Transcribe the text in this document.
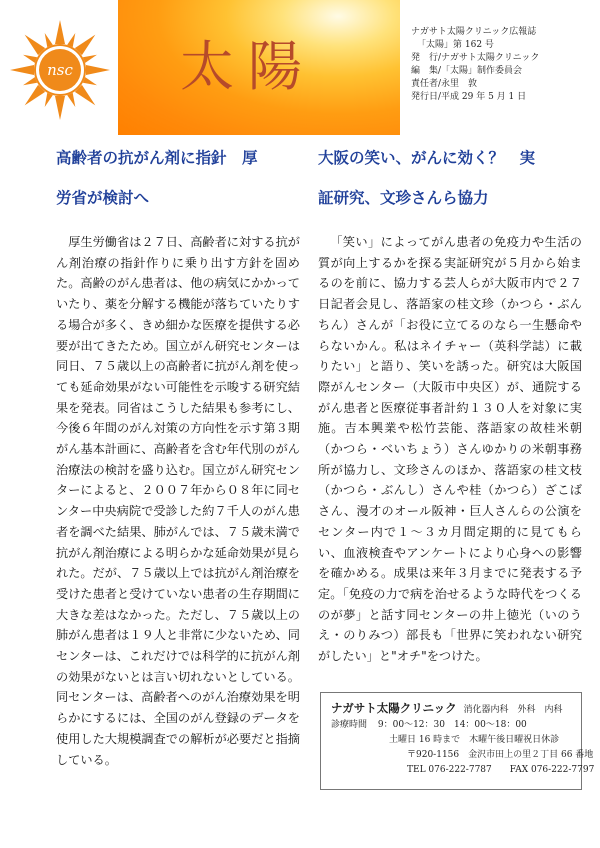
nsc 太陽
ナガサト太陽クリニック広報誌
「太陽」第 162 号
発　行/ナガサト太陽クリニック
編　集/「太陽」制作委員会
責任者/永里　敦
発行日/平成 29 年 5 月 1 日
高齢者の抗がん剤に指針　厚
労省が検討へ

厚生労働省は２７日、高齢者に対する抗がん剤治療の指針作りに乗り出す方針を固めた。高齢のがん患者は、他の病気にかかっていたり、薬を分解する機能が落ちていたりする場合が多く、きめ細かな医療を提供する必要が出てきたため。国立がん研究センターは同日、７５歳以上の高齢者に抗がん剤を使っても延命効果がない可能性を示唆する研究結果を発表。同省はこうした結果も参考にし、今後６年間のがん対策の方向性を示す第３期がん基本計画に、高齢者を含む年代別のがん治療法の検討を盛り込む。国立がん研究センターによると、２００７年から０８年に同センター中央病院で受診した約７千人のがん患者を調べた結果、肺がんでは、７５歳未満で抗がん剤治療による明らかな延命効果が見られた。だが、７５歳以上では抗がん剤治療を受けた患者と受けていない患者の生存期間に大きな差はなかった。ただし、７５歳以上の肺がん患者は１９人と非常に少ないため、同センターは、これだけでは科学的に抗がん剤の効果がないとは言い切れないとしている。同センターは、高齢者へのがん治療効果を明らかにするには、全国のがん登録のデータを使用した大規模調査での解析が必要だと指摘している。

大阪の笑い、がんに効く？　実
証研究、文珍さんら協力

「笑い」によってがん患者の免疫力や生活の質が向上するかを探る実証研究が５月から始まるのを前に、協力する芸人らが大阪市内で２７日記者会見し、落語家の桂文珍（かつら・ぶんちん）さんが「お役に立てるのなら一生懸命やらないかん。私はネイチャー（英科学誌）に載りたい」と語り、笑いを誘った。研究は大阪国際がんセンター（大阪市中央区）が、通院するがん患者と医療従事者計約１３０人を対象に実施。吉本興業や松竹芸能、落語家の故桂米朝（かつら・べいちょう）さんゆかりの米朝事務所が協力し、文珍さんのほか、落語家の桂文枝（かつら・ぶんし）さんや桂（かつら）ざこばさん、漫才のオール阪神・巨人さんらの公演をセンター内で１～３カ月間定期的に見てもらい、血液検査やアンケートにより心身への影響を確かめる。成果は来年３月までに発表する予定。「免疫の力で病を治せるような時代をつくるのが夢」と話す同センターの井上徳光（いのうえ・のりみつ）部長も「世界に笑われない研究がしたい」と"オチ"をつけた。

ナガサト太陽クリニック 消化器内科　外科　内科
診療時間 9：00～12：30　14：00～18：00
土曜日 16 時まで　木曜午後日曜祝日休診
〒920-1156　金沢市田上の里２丁目 66 番地
TEL 076-222-7787　　FAX 076-222-7797
